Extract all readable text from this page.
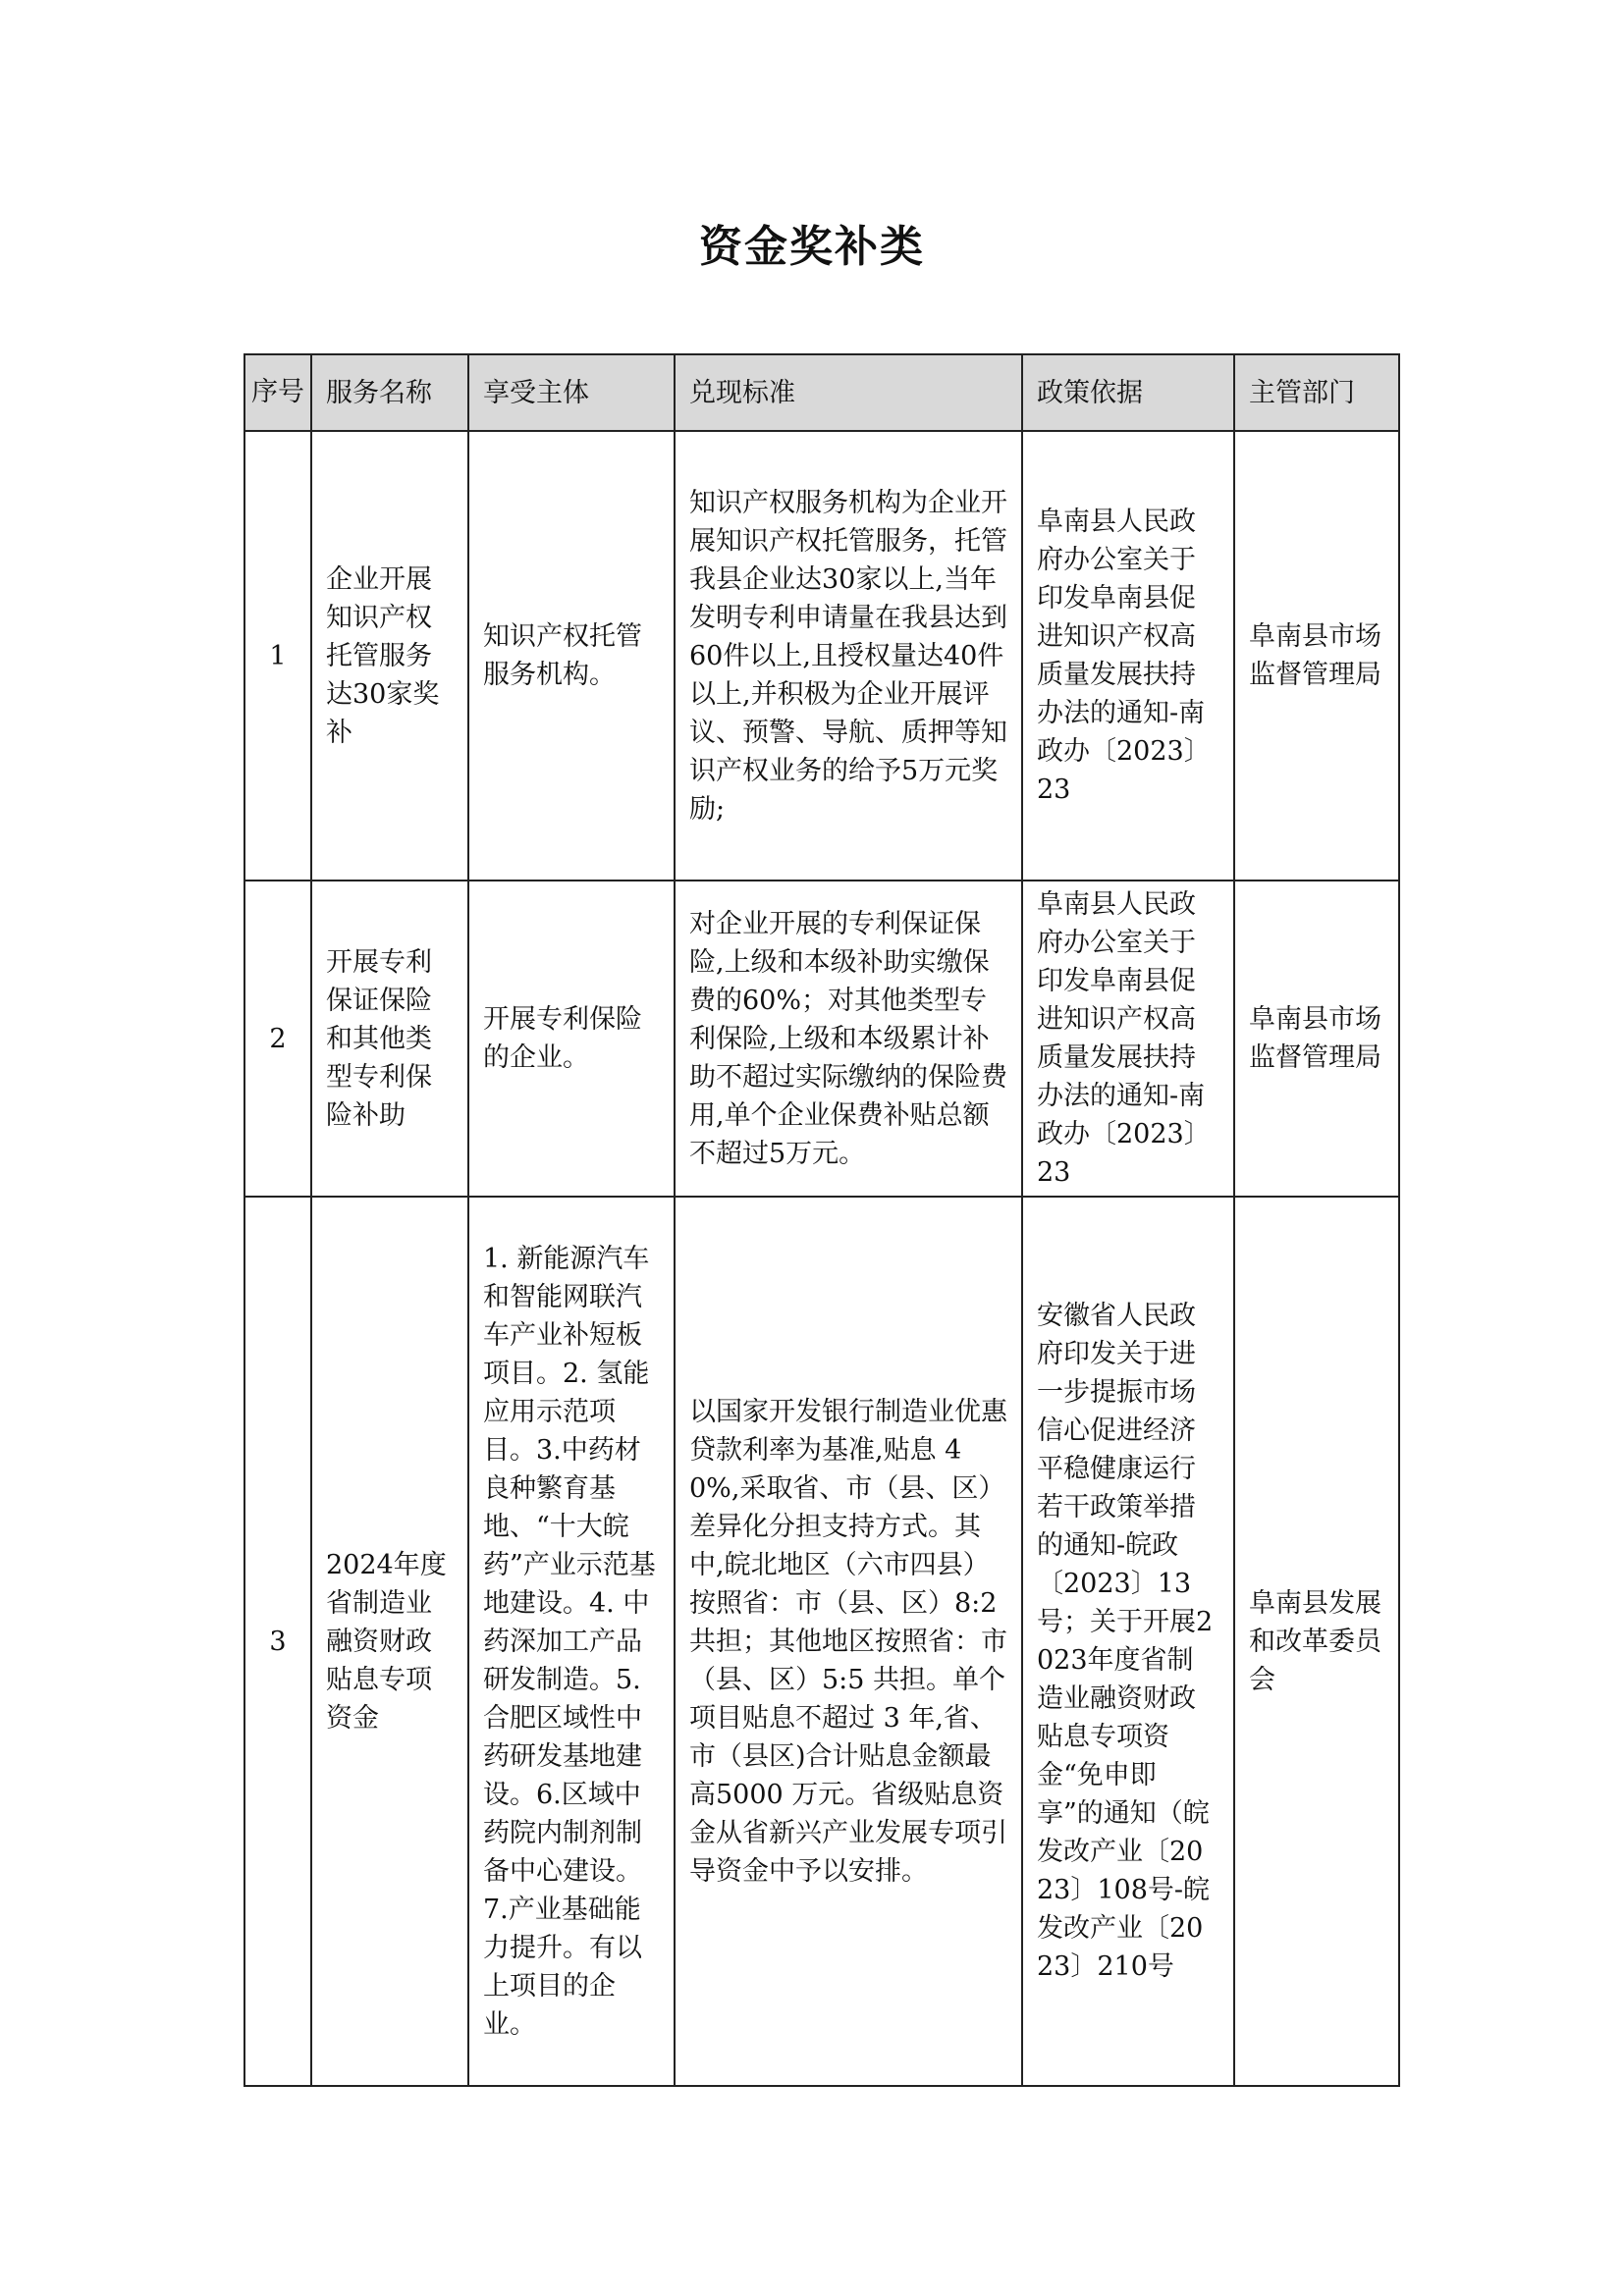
资金奖补类
序号	服务名称	享受主体	兑现标准	政策依据	主管部门
1	企业开展知识产权托管服务达30家奖补	知识产权托管服务机构。	知识产权服务机构为企业开展知识产权托管服务，托管我县企业达30家以上,当年发明专利申请量在我县达到60件以上,且授权量达40件以上,并积极为企业开展评议、预警、导航、质押等知识产权业务的给予5万元奖励;	阜南县人民政府办公室关于印发阜南县促进知识产权高质量发展扶持办法的通知-南政办〔2023〕23	阜南县市场监督管理局
2	开展专利保证保险和其他类型专利保险补助	开展专利保险的企业。	对企业开展的专利保证保险,上级和本级补助实缴保费的60%；对其他类型专利保险,上级和本级累计补助不超过实际缴纳的保险费用,单个企业保费补贴总额不超过5万元。	阜南县人民政府办公室关于印发阜南县促进知识产权高质量发展扶持办法的通知-南政办〔2023〕23	阜南县市场监督管理局
3	2024年度省制造业融资财政贴息专项资金	1. 新能源汽车和智能网联汽车产业补短板项目。2. 氢能应用示范项目。3.中药材良种繁育基地、“十大皖药”产业示范基地建设。4. 中药深加工产品研发制造。5. 合肥区域性中药研发基地建设。6.区域中药院内制剂制备中心建设。7.产业基础能力提升。有以上项目的企业。	以国家开发银行制造业优惠贷款利率为基准,贴息 40%,采取省、市（县、区）差异化分担支持方式。其中,皖北地区（六市四县）按照省：市（县、区）8:2 共担；其他地区按照省：市（县、区）5:5 共担。单个项目贴息不超过 3 年,省、市（县区)合计贴息金额最高5000 万元。省级贴息资金从省新兴产业发展专项引导资金中予以安排。	安徽省人民政府印发关于进一步提振市场信心促进经济平稳健康运行若干政策举措的通知-皖政〔2023〕13号；关于开展2023年度省制造业融资财政贴息专项资金“免申即享”的通知（皖发改产业〔2023〕108号-皖发改产业〔2023〕210号	阜南县发展和改革委员会
